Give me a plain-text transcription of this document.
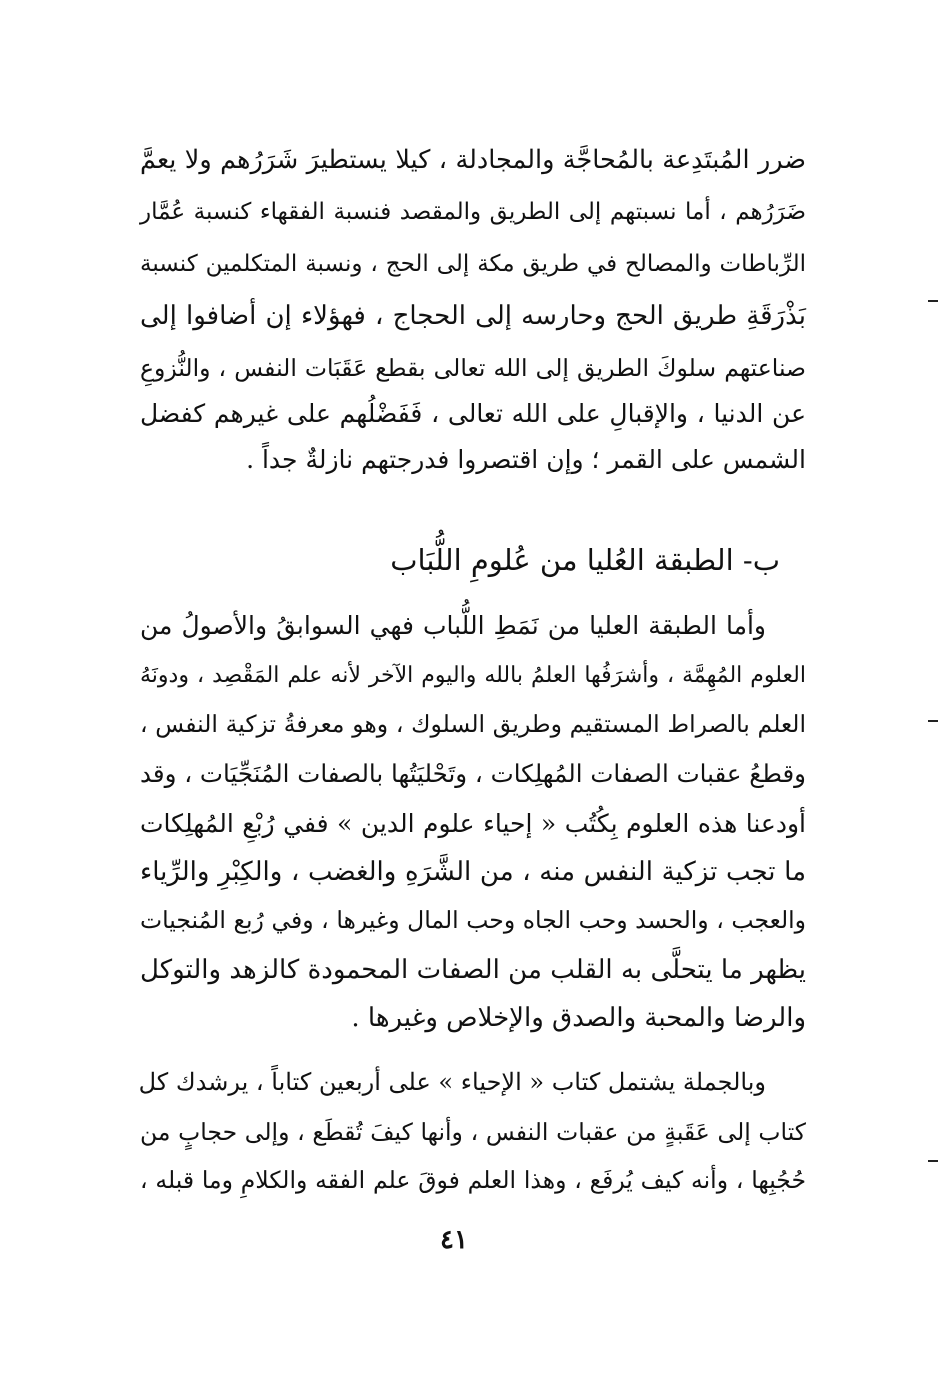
ضرر المُبتَدِعة بالمُحاجَّة والمجادلة ، كيلا يستطيرَ شَرَرُهم ولا يعمَّ
ضَرَرُهم ، أما نسبتهم إلى الطريق والمقصد فنسبة الفقهاء كنسبة عُمَّار
الرِّباطات والمصالح في طريق مكة إلى الحج ، ونسبة المتكلمين كنسبة
بَذْرَقَةِ طريق الحج وحارسه إلى الحجاج ، فهؤلاء إن أضافوا إلى
صناعتهم سلوكَ الطريق إلى الله تعالى بقطع عَقَبَات النفس ، والنُّزوعِ
عن الدنيا ، والإقبالِ على الله تعالى ، فَفَضْلُهم على غيرهم كفضل
الشمس على القمر ؛ وإن اقتصروا فدرجتهم نازلةٌ جداً .
ب- الطبقة العُليا من عُلومِ اللُّبَاب
وأما الطبقة العليا من نَمَطِ اللُّباب فهي السوابقُ والأصولُ من
العلوم المُهِمَّة ، وأشرَفُها العلمُ بالله واليوم الآخر لأنه علم المَقْصِد ، ودونَهُ
العلم بالصراط المستقيم وطريق السلوك ، وهو معرفةُ تزكية النفس ،
وقطعُ عقبات الصفات المُهلِكات ، وتَحْليَتُها بالصفات المُنَجِّيَات ، وقد
أودعنا هذه العلوم بِكُتُب « إحياء علوم الدين » ففي رُبْعِ المُهلِكات
ما تجب تزكية النفس منه ، من الشَّرَهِ والغضب ، والكِبْرِ والرِّياء
والعجب ، والحسد وحب الجاه وحب المال وغيرها ، وفي رُبع المُنجيات
يظهر ما يتحلَّى به القلب من الصفات المحمودة كالزهد والتوكل
والرضا والمحبة والصدق والإخلاص وغيرها .
وبالجملة يشتمل كتاب « الإحياء » على أربعين كتاباً ، يرشدك كل
كتاب إلى عَقَبةٍ من عقبات النفس ، وأنها كيفَ تُقطَع ، وإلى حجابٍ من
حُجُبِها ، وأنه كيف يُرفَع ، وهذا العلم فوقَ علم الفقه والكلامِ وما قبله ،
٤١
